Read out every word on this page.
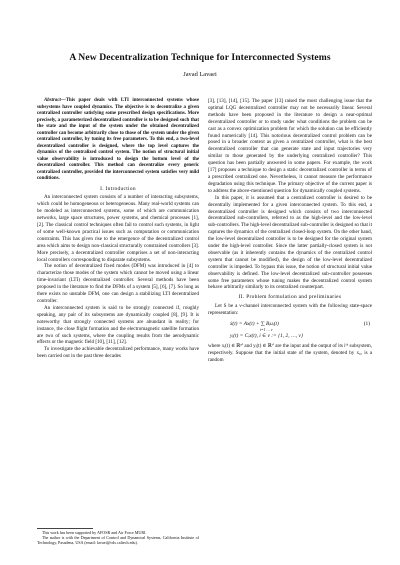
A New Decentralization Technique for Interconnected Systems
Javad Lavaei

Abstract—This paper deals with LTI interconnected systems whose subsystems have coupled dynamics. The objective is to decentralize a given centralized controller satisfying some prescribed design specifications. More precisely, a parameterized decentralized controller is to be designed such that the state and the input of the system under the obtained decentralized controller can become arbitrarily close to those of the system under the given centralized controller, by tuning its free parameters. To this end, a two-level decentralized controller is designed, where the top level captures the dynamics of the centralized control system. The notion of structural initial value observability is introduced to design the bottom level of the decentralized controller. This method can decentralize every generic centralized controller, provided the interconnected system satisfies very mild conditions.

I. Introduction

An interconnected system consists of a number of interacting subsystems, which could be homogeneous or heterogeneous. Many real-world systems can be modeled as interconnected systems, some of which are communication networks, large space structures, power systems, and chemical processes [1], [2]. The classical control techniques often fail to control such systems, in light of some well-known practical issues such as computation or communication constraints. This has given rise to the emergence of the decentralized control area which aims to design non-classical structurally constrained controllers [3]. More precisely, a decentralized controller comprises a set of non-interacting local controllers corresponding to disparate subsystems.

The notion of decentralized fixed modes (DFM) was introduced in [4] to characterize those modes of the system which cannot be moved using a linear time-invariant (LTI) decentralized controller. Several methods have been proposed in the literature to find the DFMs of a system [5], [6], [7]. So long as there exists no unstable DFM, one can design a stabilizing LTI decentralized controller.

An interconnected system is said to be strongly connected if, roughly speaking, any pair of its subsystems are dynamically coupled [8], [9]. It is noteworthy that strongly connected systems are abundant in reality; for instance, the close flight formation and the electromagnetic satellite formation are two of such systems, where the coupling results from the aerodynamic effects or the magnetic field [10], [11], [12].

To investigate the achievable decentralized performance, many works have been carried out in the past three decades

[3], [13], [14], [15]. The paper [13] raised the most challenging issue that the optimal LQG decentralized controller may not be necessarily linear. Several methods have been proposed in the literature to design a near-optimal decentralized controller or to study under what conditions the problem can be cast as a convex optimization problem for which the solution can be efficiently found numerically [14]. This notorious decentralized control problem can be posed in a broader context as given a centralized controller, what is the best decentralized controller that can generate state and input trajectories very similar to those generated by the underlying centralized controller? This question has been partially answered in some papers. For example, the work [17] proposes a technique to design a static decentralized controller in terms of a prescribed centralized one. Nevertheless, it cannot measure the performance degradation using this technique. The primary objective of the current paper is to address the above-mentioned question for dynamically coupled systems.

In this paper, it is assumed that a centralized controller is desired to be decentrally implemented for a given interconnected system. To this end, a decentralized controller is designed which consists of two interconnected decentralized sub-controllers, referred to as the high-level and the low-level sub-controllers. The high-level decentralized sub-controller is designed so that it captures the dynamics of the centralized closed-loop system. On the other hand, the low-level decentralized controller is to be designed for the original system under the high-level controller. Since the latter partially-closed system is not observable (as it inherently contains the dynamics of the centralized control system that cannot be modified), the design of the low-level decentralized controller is impeded. To bypass this issue, the notion of structural initial value observability is defined. The low-level decentralized sub-controller possesses some free parameters whose tuning makes the decentralized control system behave arbitrarily similarly to its centralized counterpart.

II. Problem formulation and preliminaries

Let S be a ν-channel interconnected system with the following state-space representation:

ẋ(t) = Ax(t) + ∑ Bᵢuᵢ(t)	(1)
i=1 … ν
yᵢ(t) = Cᵢx(t), i ∈ ν := {1, 2, …, ν}

where xᵢ(t) ∈ ℝⁿⁱ and yᵢ(t) ∈ ℝʳⁱ are the input and the output of its iᵗʰ subsystem, respectively. Suppose that the initial state of the system, denoted by x₀, is a random

This work has been supported by AFOSR and Air Force MURI.

The author is with the Department of Control and Dynamical Systems, California Institute of Technology, Pasadena, USA (email: lavaei@cds.caltech.edu).
